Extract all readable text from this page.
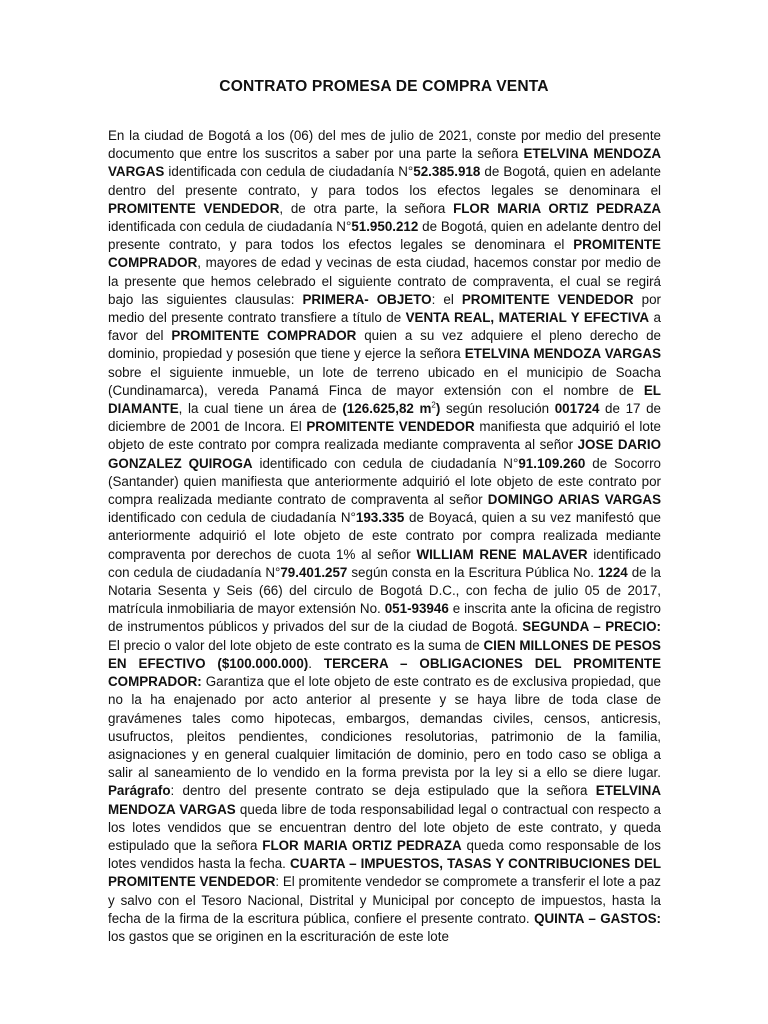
CONTRATO PROMESA DE COMPRA VENTA
En la ciudad de Bogotá a los (06) del mes de julio de 2021, conste por medio del presente documento que entre los suscritos a saber por una parte la señora ETELVINA MENDOZA VARGAS identificada con cedula de ciudadanía N°52.385.918 de Bogotá, quien en adelante dentro del presente contrato, y para todos los efectos legales se denominara el PROMITENTE VENDEDOR, de otra parte, la señora FLOR MARIA ORTIZ PEDRAZA identificada con cedula de ciudadanía N°51.950.212 de Bogotá, quien en adelante dentro del presente contrato, y para todos los efectos legales se denominara el PROMITENTE COMPRADOR, mayores de edad y vecinas de esta ciudad, hacemos constar por medio de la presente que hemos celebrado el siguiente contrato de compraventa, el cual se regirá bajo las siguientes clausulas: PRIMERA- OBJETO: el PROMITENTE VENDEDOR por medio del presente contrato transfiere a título de VENTA REAL, MATERIAL Y EFECTIVA a favor del PROMITENTE COMPRADOR quien a su vez adquiere el pleno derecho de dominio, propiedad y posesión que tiene y ejerce la señora ETELVINA MENDOZA VARGAS sobre el siguiente inmueble, un lote de terreno ubicado en el municipio de Soacha (Cundinamarca), vereda Panamá Finca de mayor extensión con el nombre de EL DIAMANTE, la cual tiene un área de (126.625,82 $m^2$) según resolución 001724 de 17 de diciembre de 2001 de Incora. El PROMITENTE VENDEDOR manifiesta que adquirió el lote objeto de este contrato por compra realizada mediante compraventa al señor JOSE DARIO GONZALEZ QUIROGA identificado con cedula de ciudadanía N°91.109.260 de Socorro (Santander) quien manifiesta que anteriormente adquirió el lote objeto de este contrato por compra realizada mediante contrato de compraventa al señor DOMINGO ARIAS VARGAS identificado con cedula de ciudadanía N°193.335 de Boyacá, quien a su vez manifestó que anteriormente adquirió el lote objeto de este contrato por compra realizada mediante compraventa por derechos de cuota 1% al señor WILLIAM RENE MALAVER identificado con cedula de ciudadanía N°79.401.257 según consta en la Escritura Pública No. 1224 de la Notaria Sesenta y Seis (66) del circulo de Bogotá D.C., con fecha de julio 05 de 2017, matrícula inmobiliaria de mayor extensión No. 051-93946 e inscrita ante la oficina de registro de instrumentos públicos y privados del sur de la ciudad de Bogotá. SEGUNDA – PRECIO: El precio o valor del lote objeto de este contrato es la suma de CIEN MILLONES DE PESOS EN EFECTIVO ($100.000.000). TERCERA – OBLIGACIONES DEL PROMITENTE COMPRADOR: Garantiza que el lote objeto de este contrato es de exclusiva propiedad, que no la ha enajenado por acto anterior al presente y se haya libre de toda clase de gravámenes tales como hipotecas, embargos, demandas civiles, censos, anticresis, usufructos, pleitos pendientes, condiciones resolutorias, patrimonio de la familia, asignaciones y en general cualquier limitación de dominio, pero en todo caso se obliga a salir al saneamiento de lo vendido en la forma prevista por la ley si a ello se diere lugar. Parágrafo: dentro del presente contrato se deja estipulado que la señora ETELVINA MENDOZA VARGAS queda libre de toda responsabilidad legal o contractual con respecto a los lotes vendidos que se encuentran dentro del lote objeto de este contrato, y queda estipulado que la señora FLOR MARIA ORTIZ PEDRAZA queda como responsable de los lotes vendidos hasta la fecha. CUARTA – IMPUESTOS, TASAS Y CONTRIBUCIONES DEL PROMITENTE VENDEDOR: El promitente vendedor se compromete a transferir el lote a paz y salvo con el Tesoro Nacional, Distrital y Municipal por concepto de impuestos, hasta la fecha de la firma de la escritura pública, confiere el presente contrato. QUINTA – GASTOS: los gastos que se originen en la escrituración de este lote
